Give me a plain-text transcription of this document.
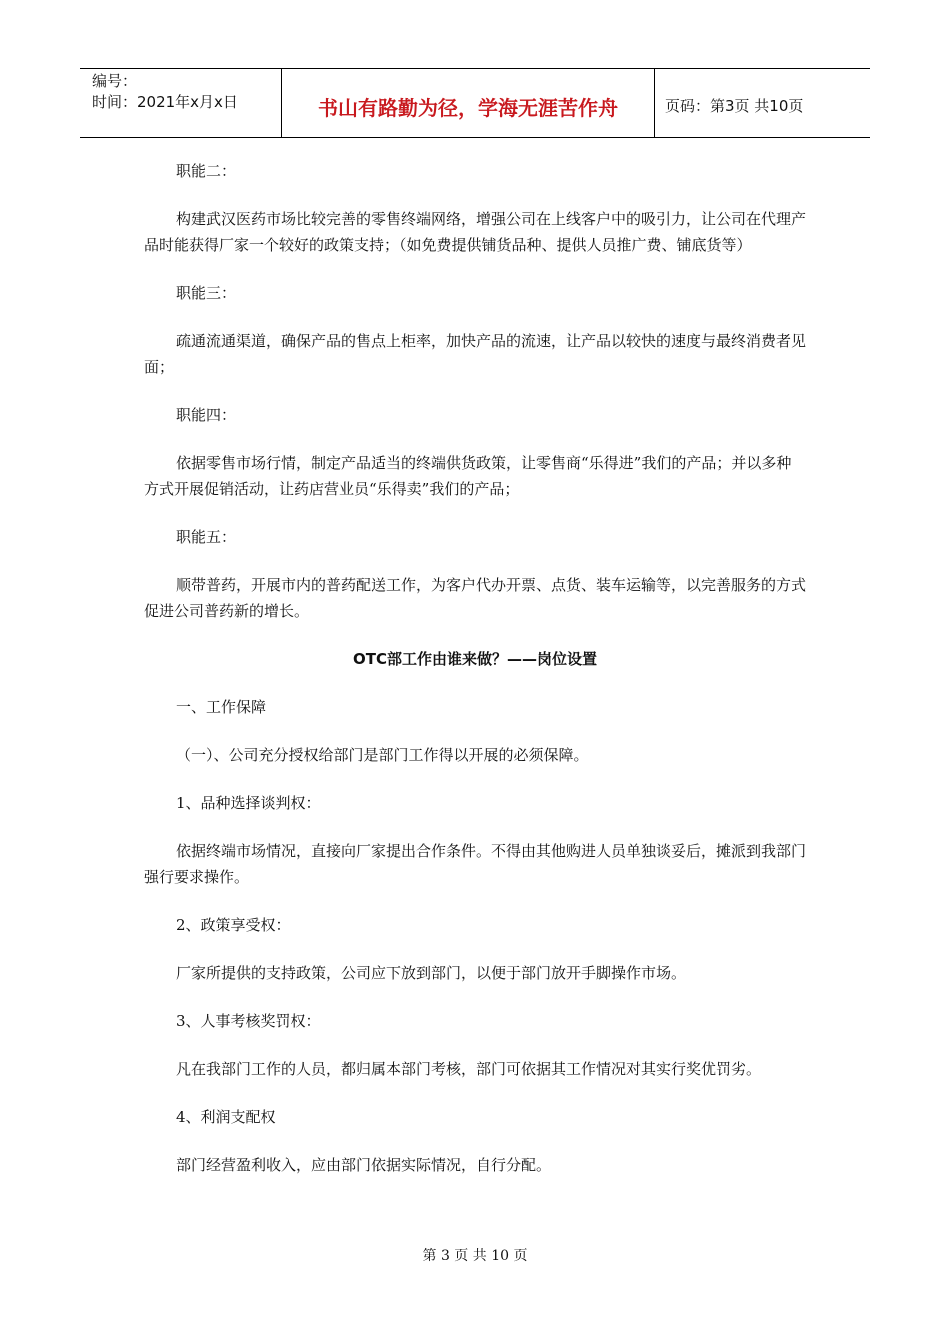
编号：
时间：2021年x月x日	书山有路勤为径，学海无涯苦作舟	页码：第3页 共10页

职能二：

构建武汉医药市场比较完善的零售终端网络，增强公司在上线客户中的吸引力，让公司在代理产品时能获得厂家一个较好的政策支持；（如免费提供铺货品种、提供人员推广费、铺底货等）

职能三：

疏通流通渠道，确保产品的售点上柜率，加快产品的流速，让产品以较快的速度与最终消费者见面；

职能四：

依据零售市场行情，制定产品适当的终端供货政策，让零售商“乐得进”我们的产品；并以多种方式开展促销活动，让药店营业员“乐得卖”我们的产品；

职能五：

顺带普药，开展市内的普药配送工作，为客户代办开票、点货、装车运输等，以完善服务的方式促进公司普药新的增长。

OTC部工作由谁来做？——岗位设置

一、工作保障

（一）、公司充分授权给部门是部门工作得以开展的必须保障。

1、品种选择谈判权：

依据终端市场情况，直接向厂家提出合作条件。不得由其他购进人员单独谈妥后，摊派到我部门强行要求操作。

2、政策享受权：

厂家所提供的支持政策，公司应下放到部门，以便于部门放开手脚操作市场。

3、人事考核奖罚权：

凡在我部门工作的人员，都归属本部门考核，部门可依据其工作情况对其实行奖优罚劣。

4、利润支配权

部门经营盈利收入，应由部门依据实际情况，自行分配。

第 3 页 共 10 页
